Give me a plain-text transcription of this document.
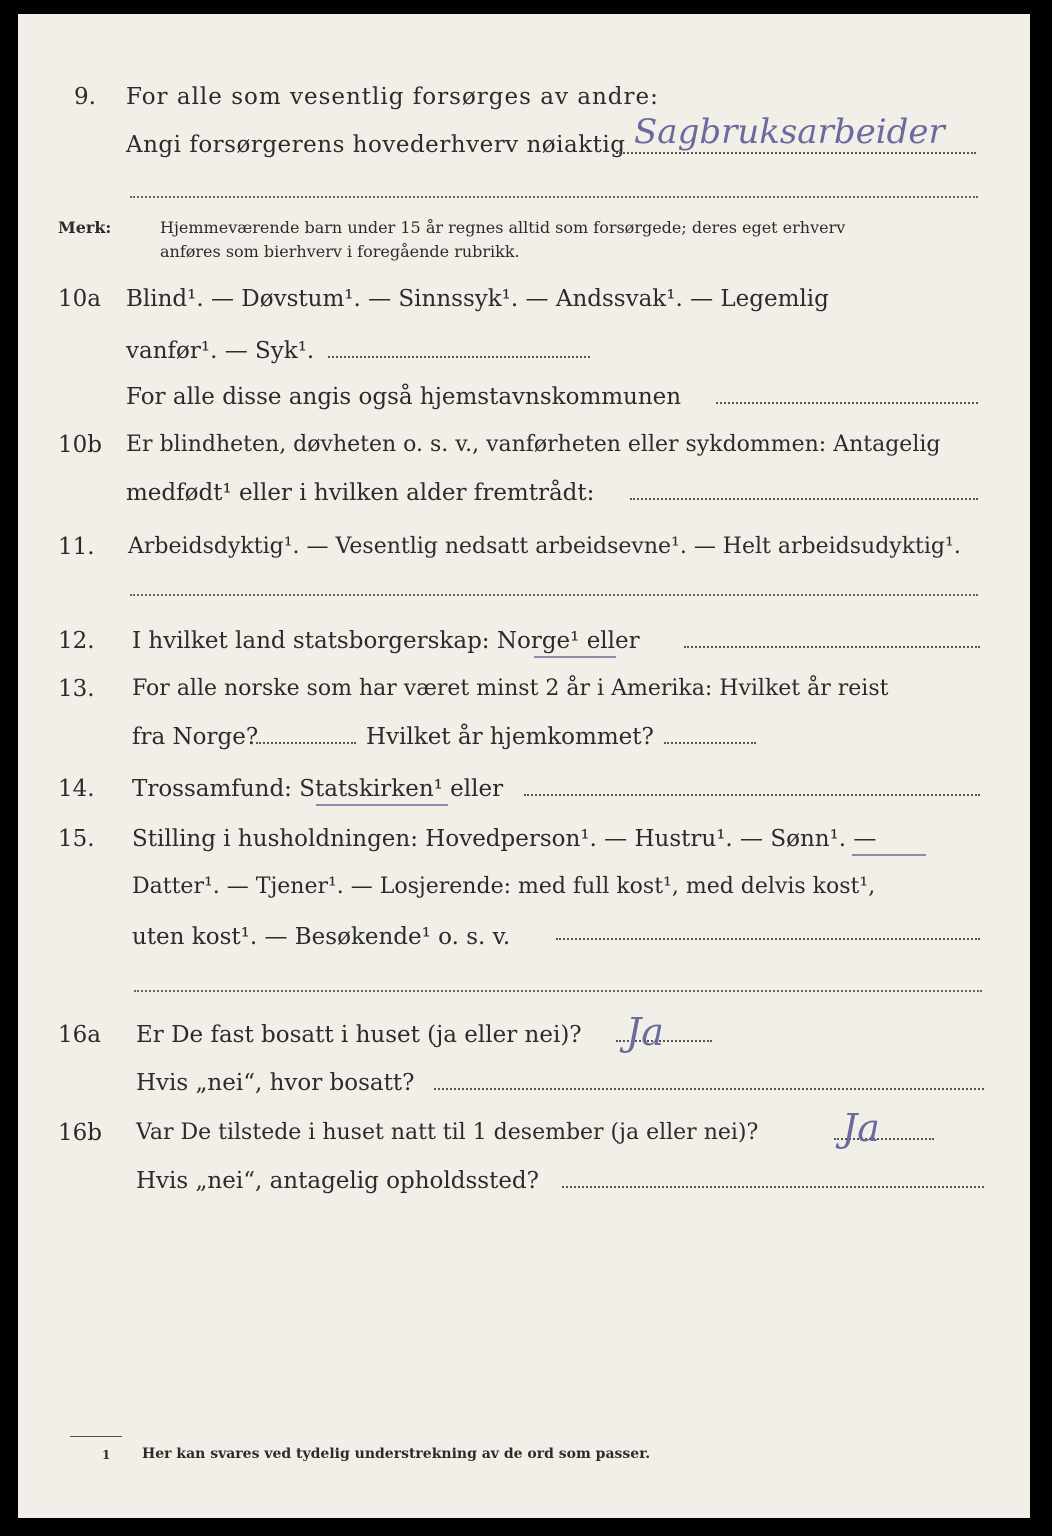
9. For alle som vesentlig forsørges av andre:
Angi forsørgerens hovederhverv nøiaktig Sagbruksarbeider
Merk:	Hjemmeværende barn under 15 år regnes alltid som forsørgede; deres eget erhverv
anføres som bierhverv i foregående rubrikk.
10a Blind¹. — Døvstum¹. — Sinnssyk¹. — Andssvak¹. — Legemlig
vanfør¹. — Syk¹.
For alle disse angis også hjemstavnskommunen
10b Er blindheten, døvheten o. s. v., vanførheten eller sykdommen: Antagelig
medfødt¹ eller i hvilken alder fremtrådt:
11. Arbeidsdyktig¹. — Vesentlig nedsatt arbeidsevne¹. — Helt arbeidsudyktig¹.
12. I hvilket land statsborgerskap: Norge¹ eller
13. For alle norske som har været minst 2 år i Amerika: Hvilket år reist
fra Norge?	Hvilket år hjemkommet?
14. Trossamfund: Statskirken¹ eller
15. Stilling i husholdningen: Hovedperson¹. — Hustru¹. — Sønn¹. —
Datter¹. — Tjener¹. — Losjerende: med full kost¹, med delvis kost¹,
uten kost¹. — Besøkende¹ o. s. v.
16a Er De fast bosatt i huset (ja eller nei)? Ja
Hvis „nei“, hvor bosatt?
16b Var De tilstede i huset natt til 1 desember (ja eller nei)? Ja
Hvis „nei“, antagelig opholdssted?
1 Her kan svares ved tydelig understrekning av de ord som passer.
